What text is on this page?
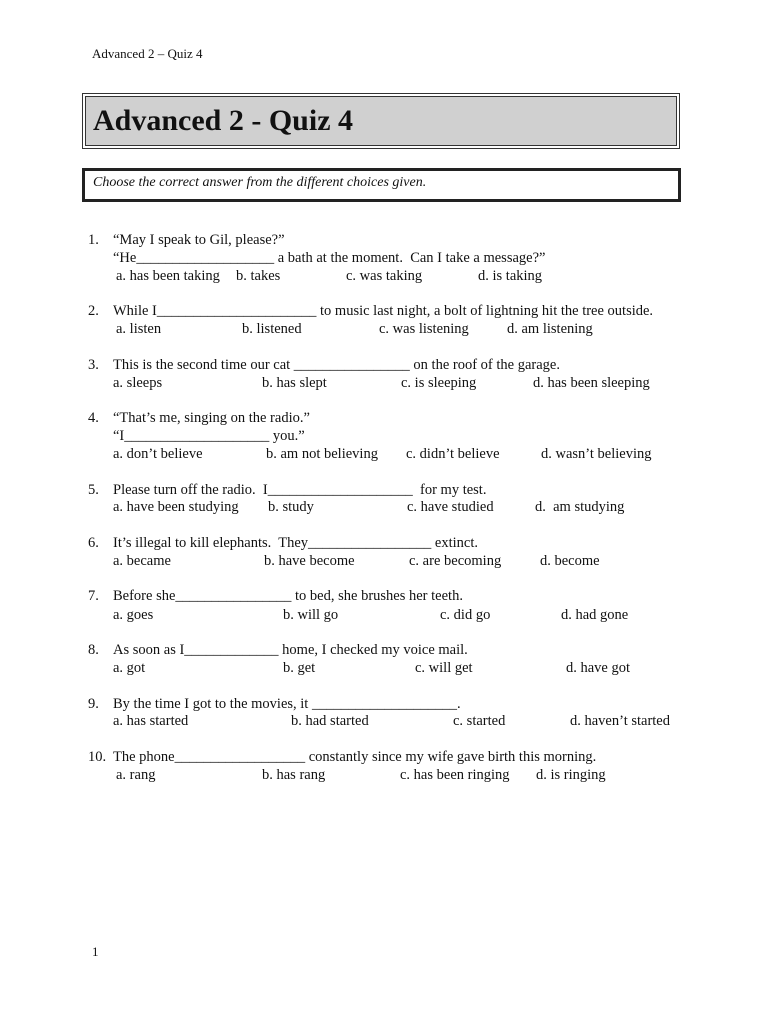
Advanced 2 – Quiz 4
Advanced 2 - Quiz 4
Choose the correct answer from the different choices given.
1. “May I speak to Gil, please?”
“He___________________ a bath at the moment.  Can I take a message?”
a. has been taking b. takes	c. was taking	d. is taking
2. While I______________________ to music last night, a bolt of lightning hit the tree outside.
a. listen	b. listened	c. was listening	d. am listening
3. This is the second time our cat ________________ on the roof of the garage.
a. sleeps	b. has slept	c. is sleeping	d. has been sleeping
4. “That’s me, singing on the radio.”
“I____________________ you.”
a. don’t believe	b. am not believing c. didn’t believe	d. wasn’t believing
5. Please turn off the radio.  I____________________  for my test.
a. have been studying b. study	c. have studied	d.  am studying
6. It’s illegal to kill elephants.  They_________________ extinct.
a. became	b. have become	c. are becoming	d. become
7. Before she________________ to bed, she brushes her teeth.
a. goes	b. will go	c. did go	d. had gone
8. As soon as I_____________ home, I checked my voice mail.
a. got	b. get	c. will get	d. have got
9. By the time I got to the movies, it ____________________.
a. has started	b. had started	c. started	d. haven’t started
10. The phone__________________ constantly since my wife gave birth this morning.
a. rang	b. has rang	c. has been ringing d. is ringing
1
